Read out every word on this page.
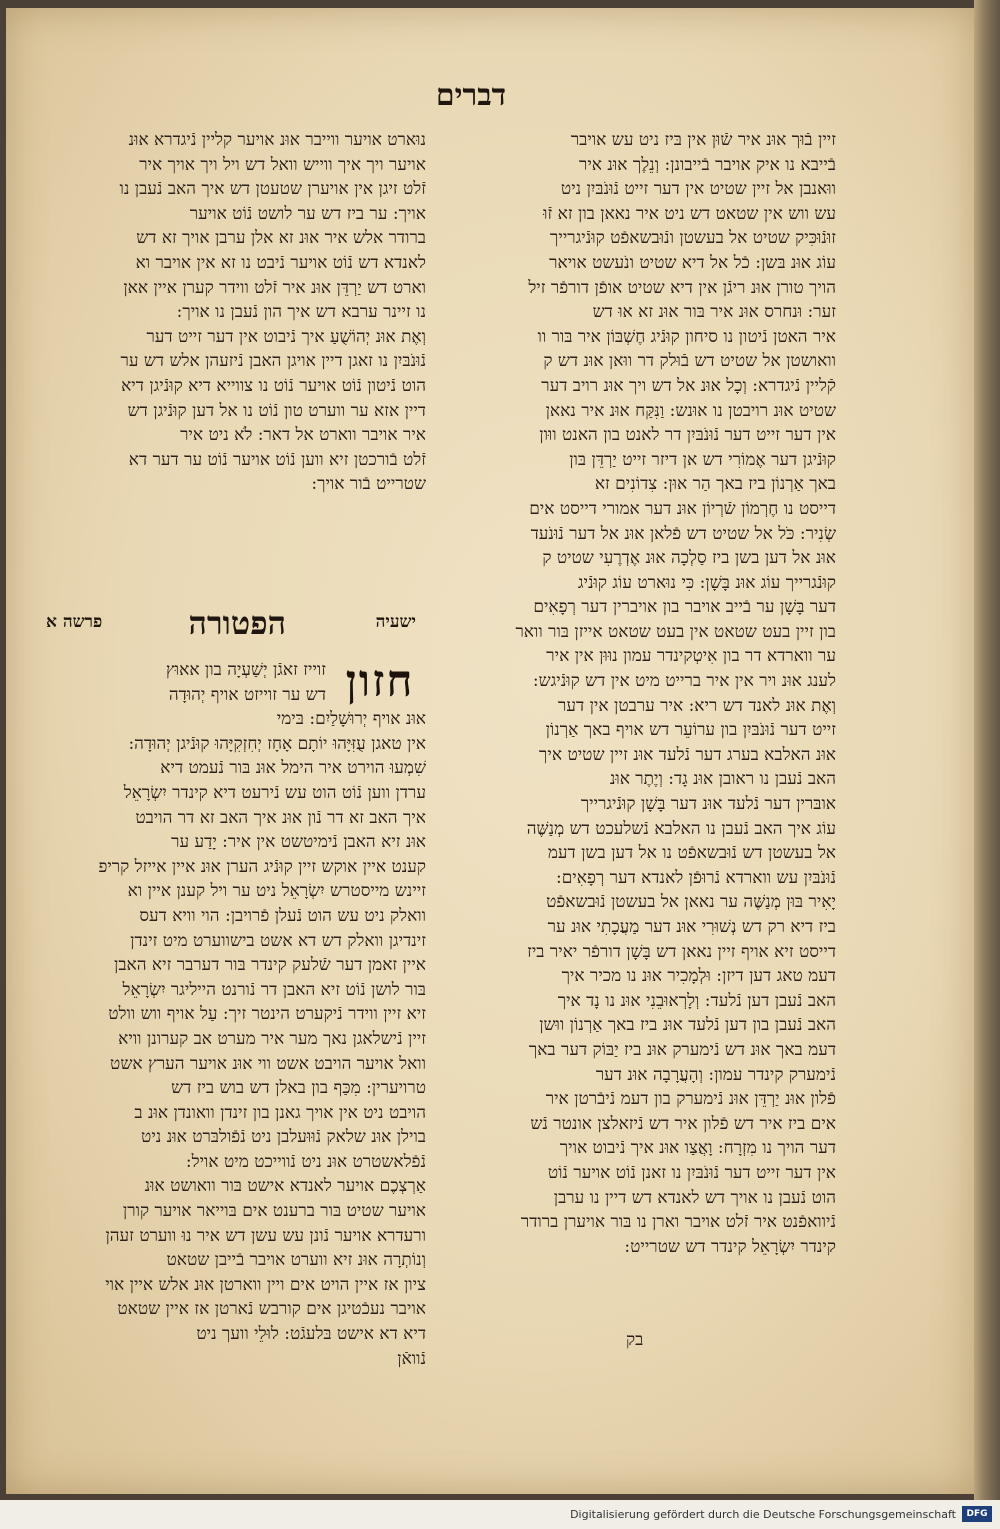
דברים
זיין בֿוּך אוּנ איר שֿוּן אין בּיז ניט עש אויבר
בֿייבא נו איק אויבר בֿייבונן: וְנֵלֶך אוּנ איר
ווּאנבן אל זיין שטיט אין דער זייט נֿוּנֹבּיִן ניט
עש ווש אין שטאט דש ניט איר נאאן בון זא זֿוּ
זוּנֿוּכִּיק שטיט אל בעשטן ונֿוּבשאפֿט קוּנֿיגרייך
עוֹג אוּנ בּשן: כֿל אל דיא שטיט ונֹעשט אויאר
הויך טורן אוּנ ריגֿן אין דיא שטיט אופֿן דורפֿר זיל
זער: וּנחרס אוּנ איר בּור אוּנ זא אוּ דש
איר האטן נֿיטון נו סיחון קוּנֿיג חֶשְׁבּוֹן איר בּור וו
וואושטן אל שטיט דש בֿוּלק דר ווּאן אוּנ דש ק
קֿליין נֿיגדרא: וְכָל אוּנ אל דש ויך אוּנ רויב דער
שטיט אוּנ רויבטן נו אוּנש: וַנִּקַּח אוּנ איר נאאן
אין דער זייט דער נֿוּנֹבּיִן דר לאנט בון האנט ווּון
קוּנֿיגן דער אֶמוֹרִי דש אן דיזר זייט יַרְדֵּן בּון
באך אַרְנוֹן ביז באך הַר אוּן: צִדוֹנִים זא
דייסט נו חֶרְמוֹן שֿרְיוֹן אוּנ דער אמורי דייסט אים
שְׂנִיר: כֹּל אל שטיט דש פֿלאן אוּנ אל דער נֿוּנֹעד
אוּנ אל דען בשן ביז סַלְכָה אוּנ אֶדְרֶעִי שטיט ק
קוּנֿגרייך עוֹג אוּנ בָּשָׁן: כִּי נוּארט עוֹג קוּנֿיג
דער בָּשָׁן ער בֿייב אויבר בון אויברין דער רְפָאִים
בון זיין בעט שטאט אין בעט שטאט אייזן בּור וואר
ער ווארדא דר בון אִיטְקינדר עמון נוּוּן אין איר
לענג אוּנ ויר אין איר ברייט מיט אין דש קוּנֿיגש:
וְאֶת אוּנ לאנד דש ריא: איר ערבטן אין דער
זייט דער נֿוּנֹבּיִן בון ערוֹעֵר דש אויף באך אַרְנוֹן
אוּנ האלבא בערג דער נֿלעד אוּנ זיין שטיט איך
האב נֿעבן נו ראובן אוּנ גָד: וְיֶתֶר אוּנ
אובּרין דער נֿלעד אוּנ דער בָּשָׁן קוּנֿיגרייך
עוֹג איך האב נֿעבן נו האלבא נֿשלעכט דש מְנַשֶּׁה
אל בעשטן דש נֿוּבשאפֿט נו אל דען בשן דעמ
נֿוּנֹבּיִן עש ווארדא נֿרוּפֿן לאנדא דער רְפָאִים:
יָאִיר בּוּן מְנַשֶּׁה ער נאאן אל בעשטן נֿוּבשאפֿט
ביז דיא רק דש נְשׁוּרִי אוּנ דער מַעֲכָתִי אוּנ ער
דייסט זיא אויף זיין נאאן דש בָּשָׁן דורפֿר יאיר ביז
דעמ טאג דען דיזן: וּלְמָכִיר אוּנ נו מכיר איך
האב נֿעבן דען נֿלעד: וְלָרְאוּבֵנִי אוּנ נו נָד איך
האב נֿעבן בון דען נֿלעד אוּנ ביז באך אַרְנוֹן ווּשן
דעמ באך אוּנ דש נֿימערק אוּנ ביז יַבּוֹק דער באך
נֿימערק קינדר עמון: וְהָעֲרָבָה אוּנ דער
פֿלון אוּנ יַרְדֵּן אוּנ נֿימערק בון דעמ נֿיבֿרטן איר
אים ביז איר דש פֿלון איר דש נֿיזאלצן אונטר נֿש
דער הויך נו מִזְרָח: וָאֲצַו אוּנ איך נֿיבוט אויך
אין דער זייט דער נֿוּנֹבּיִן נו זאנן נֿוֹט אויער נֿוֹט
הוט נֿעבן נו אויך דש לאנדא דש דיין נו ערבן
נֿיוואפֿנט איר זֿלט אויבר וארן נו בּור אויערן ברודר
קינדר יִשְׂרָאֵל קינדר דש שטרייט:
נוּארט אויער ווייבר אוּנ אויער קליין נֿיגדרא אוּנ
אויער ויך איך ווייש וואל דש ויל ויך אויך איר
זֿלט זיגן אין אויערן שטעטן דש איך האב נֿעבן נו
אויך: ער ביז דש ער לושט נֿוֹט אויער
ברודר אלש איר אוּנ זא אלן ערבן אויך זא דש
לאנדא דש נֿוֹט אויער נֿיבט נו זא אין אויבר וא
וארט דש יַרְדֵּן אוּנ איר זֿלט ווידר קערן איין אאן
נו זיינר ערבא דש איך הון נֿעבן נו אויך:
וְאֶת אוּנ יְהוֹשֻׁעַ איך נֿיבוט אין דער זייט דער
נֿוּנֹבּיִן נו זאגן דיין אויגן האבן נֿיזעהן אלש דש ער
הוט נֿיטון נֿוֹט אויער נֿוֹט נו צווייא דיא קוּנֿיגן דיא
דיין אזא ער ווערט טון נֿוֹט נו אל דען קוּנֿיגן דש
איר אויבר ווארט אל דאר: לֹא ניט איר
זֿלט בֿורכטן זיא ווען נֿוֹט אויער נֿוֹט ער דער דא
שטרייט בֿור אויך:
ישעיה
הפטורה
פרשה א
חזון
זוייז זאגֿן יְשַׁעְיָה בון אאוּץ
דש ער זוייזט אויף יְהוּדָה
אוּנ אויף יְרוּשָׁלַיִם: בּימי
אין טאגן עֻזִּיָּהוּ יוֹתָם אָחָז יְחִזְקִיָּהוּ קוּנֿיגן יְהוּדָה:
שִׁמְעוּ הוירט איר הימל אוּנ בּור נֿעמט דיא
ערדן ווען נֿוֹט הוט עש נֿירעט דיא קינדר יִשְׂרָאֵל
איך האב זא דר נֿון אוּנ איך האב זא דר הויבט
אוּנ זיא האבן נֿימיטשט אין איר: יָדַע ער
קענט איין אוקש זיין קוּנֿיג הערן אוּנ איין אייזל קריפ
זיינש מייסטרש יִשְׂרָאֵל ניט ער ויל קענן איין וא
וואלק ניט עש הוט נֿעלן פֿרויבן: הוי וויא דעס
זינדיגן וואלק דש דא אשט בישווערט מיט זינדן
איין זאמן דער שֿלעק קינדר בּור דערבר זיא האבן
בּור לושן נֿוֹט זיא האבן דר נֿורנט הייליגר יִשְׂרָאֵל
זיא זיין ווידר נֿיקערט הינטר זיך: עַל אויף ווש וולט
זיין נֿישלאגן נאך מער איר מערט אב קערונן וויא
וואל אויער הויבט אשט ווי אוּנ אויער הערץ אשט
טרויערין: מִכַּף בון באלן דש בוש ביז דש
הויבט ניט אין אויך גאנן בון זינדן וואונדן אוּנ ב
בוילן אוּנ שלאק נֿוּוּעלבן ניט נֿפֿולבּרט אוּנ ניט
נֿפֿלאשטרט אוּנ ניט נֿווייכט מיט אויל:
אַרְצְכֶם אויער לאנדא אישט בּור וואושט אוּנ
אויער שטיט בּור ברענט אים בּוייאר אויער קורן
ורעדרא אויער נֿונן עש עשן דש איר נוּ ווערט זעהן
וְנוֹתְרָה אוּנ זיא ווערט אויבר בֿייבן שטאט
ציון אז איין הויט אים ויין ווארטן אוּנ אלש איין אוי
אויבר נעכֿטיגן אים קורבש נֿארטן אז איין שטאט
דיא דא אישט בּלעגֿט: לוּלֵי וועך ניט
נֿוואֿן
בק
Digitalisierung gefördert durch die Deutsche Forschungsgemeinschaft	DFG
